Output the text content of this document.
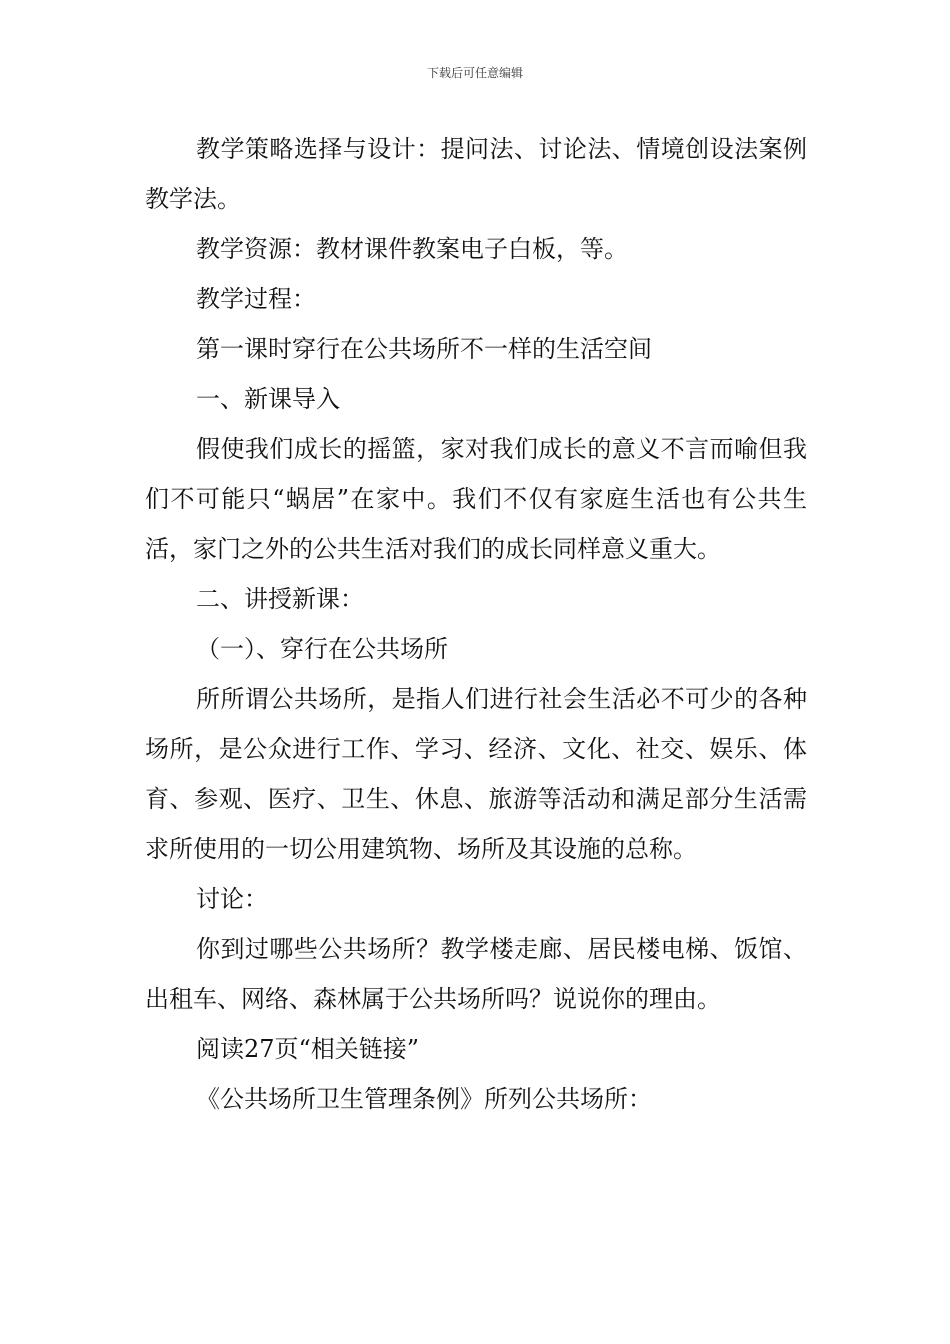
下载后可任意编辑

教学策略选择与设计：提问法、讨论法、情境创设法案例教学法。

教学资源：教材课件教案电子白板，等。

教学过程：

第一课时穿行在公共场所不一样的生活空间

一、新课导入

假使我们成长的摇篮，家对我们成长的意义不言而喻但我们不可能只“蜗居”在家中。我们不仅有家庭生活也有公共生活，家门之外的公共生活对我们的成长同样意义重大。

二、讲授新课：

（一）、穿行在公共场所

所所谓公共场所，是指人们进行社会生活必不可少的各种场所，是公众进行工作、学习、经济、文化、社交、娱乐、体育、参观、医疗、卫生、休息、旅游等活动和满足部分生活需求所使用的一切公用建筑物、场所及其设施的总称。

讨论：

你到过哪些公共场所？教学楼走廊、居民楼电梯、饭馆、出租车、网络、森林属于公共场所吗？说说你的理由。

阅读27页“相关链接”

《公共场所卫生管理条例》所列公共场所：
